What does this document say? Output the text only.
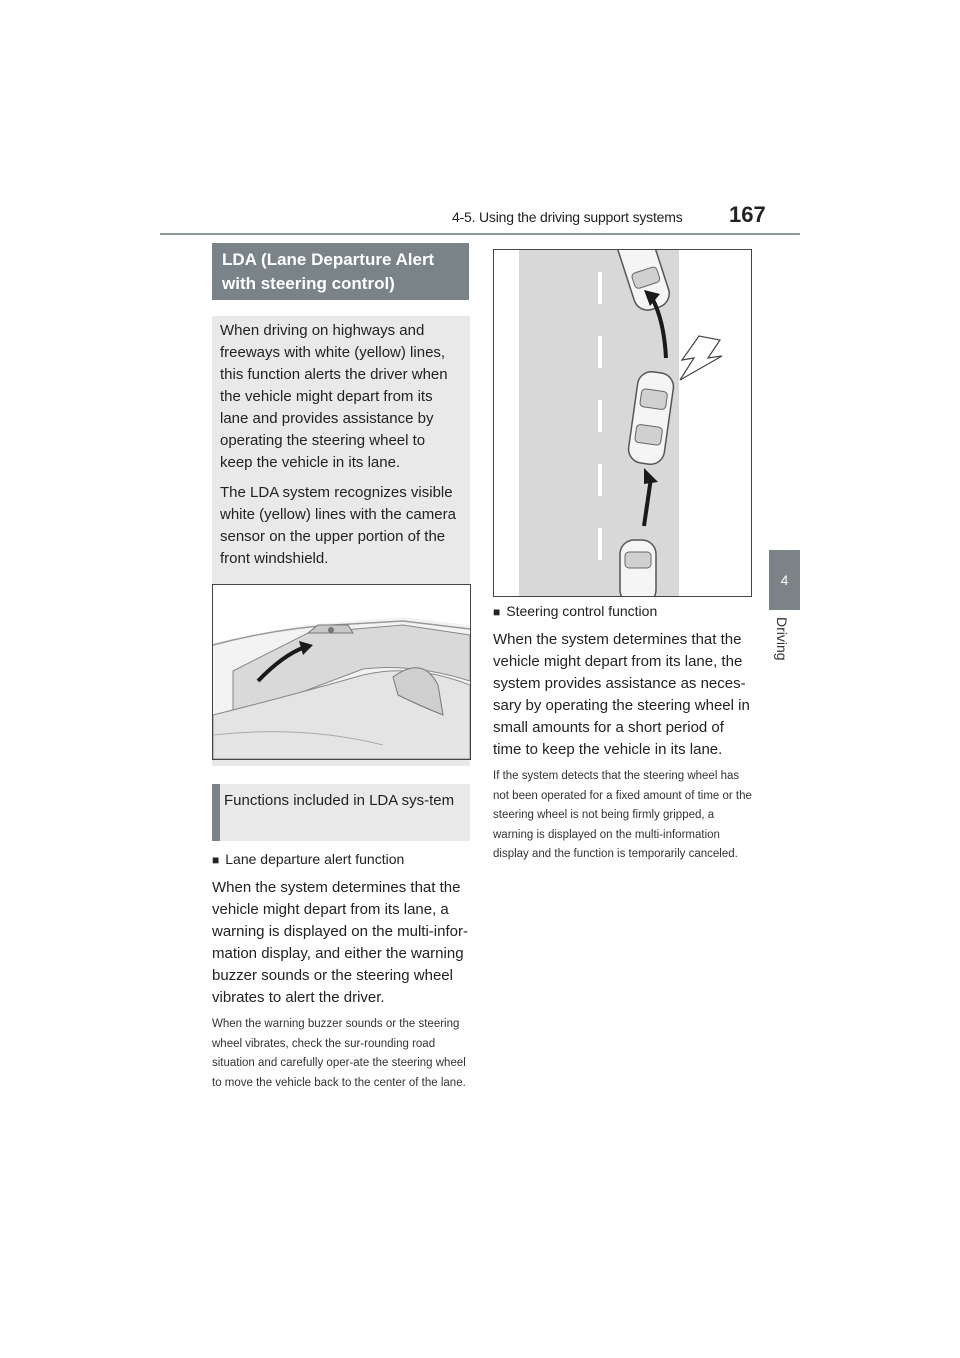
4-5. Using the driving support systems 167
4
Driving
LDA (Lane Departure Alert with steering control)

When driving on highways and freeways with white (yellow) lines, this function alerts the driver when the vehicle might depart from its lane and provides assistance by operating the steering wheel to keep the vehicle in its lane.

The LDA system recognizes visible white (yellow) lines with the camera sensor on the upper portion of the front windshield.

Functions included in LDA sys-tem
■ Lane departure alert function

When the system determines that the vehicle might depart from its lane, a warning is displayed on the multi-infor-mation display, and either the warning buzzer sounds or the steering wheel vibrates to alert the driver.

When the warning buzzer sounds or the steering wheel vibrates, check the sur-rounding road situation and carefully oper-ate the steering wheel to move the vehicle back to the center of the lane.

■ Steering control function

When the system determines that the vehicle might depart from its lane, the system provides assistance as neces-sary by operating the steering wheel in small amounts for a short period of time to keep the vehicle in its lane.

If the system detects that the steering wheel has not been operated for a fixed amount of time or the steering wheel is not being firmly gripped, a warning is displayed on the multi-information display and the function is temporarily canceled.
